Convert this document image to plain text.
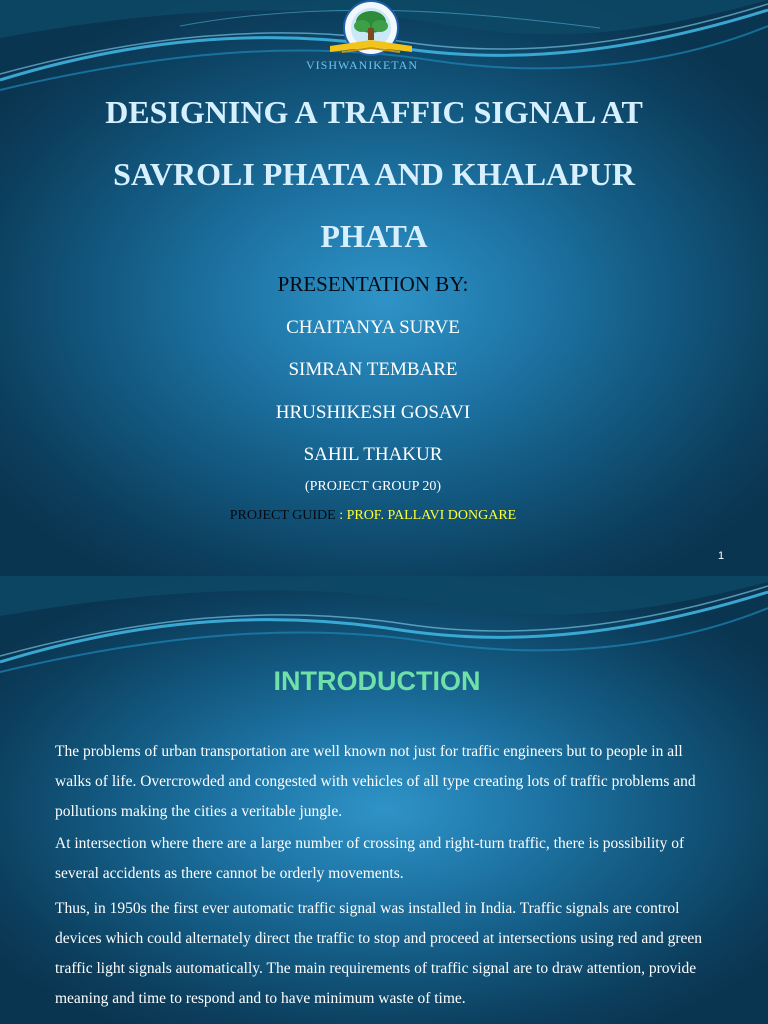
VISHWANIKETAN
DESIGNING A TRAFFIC SIGNAL AT
SAVROLI PHATA AND KHALAPUR
PHATA
PRESENTATION BY:
CHAITANYA SURVE
SIMRAN TEMBARE
HRUSHIKESH GOSAVI
SAHIL THAKUR
(PROJECT GROUP 20)
PROJECT GUIDE : PROF. PALLAVI DONGARE
1
INTRODUCTION
The problems of urban transportation are well known not just for traffic engineers but to people in all walks of life. Overcrowded and congested with vehicles of all type creating lots of traffic problems and pollutions making the cities a veritable jungle.
At intersection where there are a large number of crossing and right-turn traffic, there is possibility of several accidents as there cannot be orderly movements.
Thus, in 1950s the first ever automatic traffic signal was installed in India. Traffic signals are control devices which could alternately direct the traffic to stop and proceed at intersections using red and green traffic light signals automatically. The main requirements of traffic signal are to draw attention, provide meaning and time to respond and to have minimum waste of time.
